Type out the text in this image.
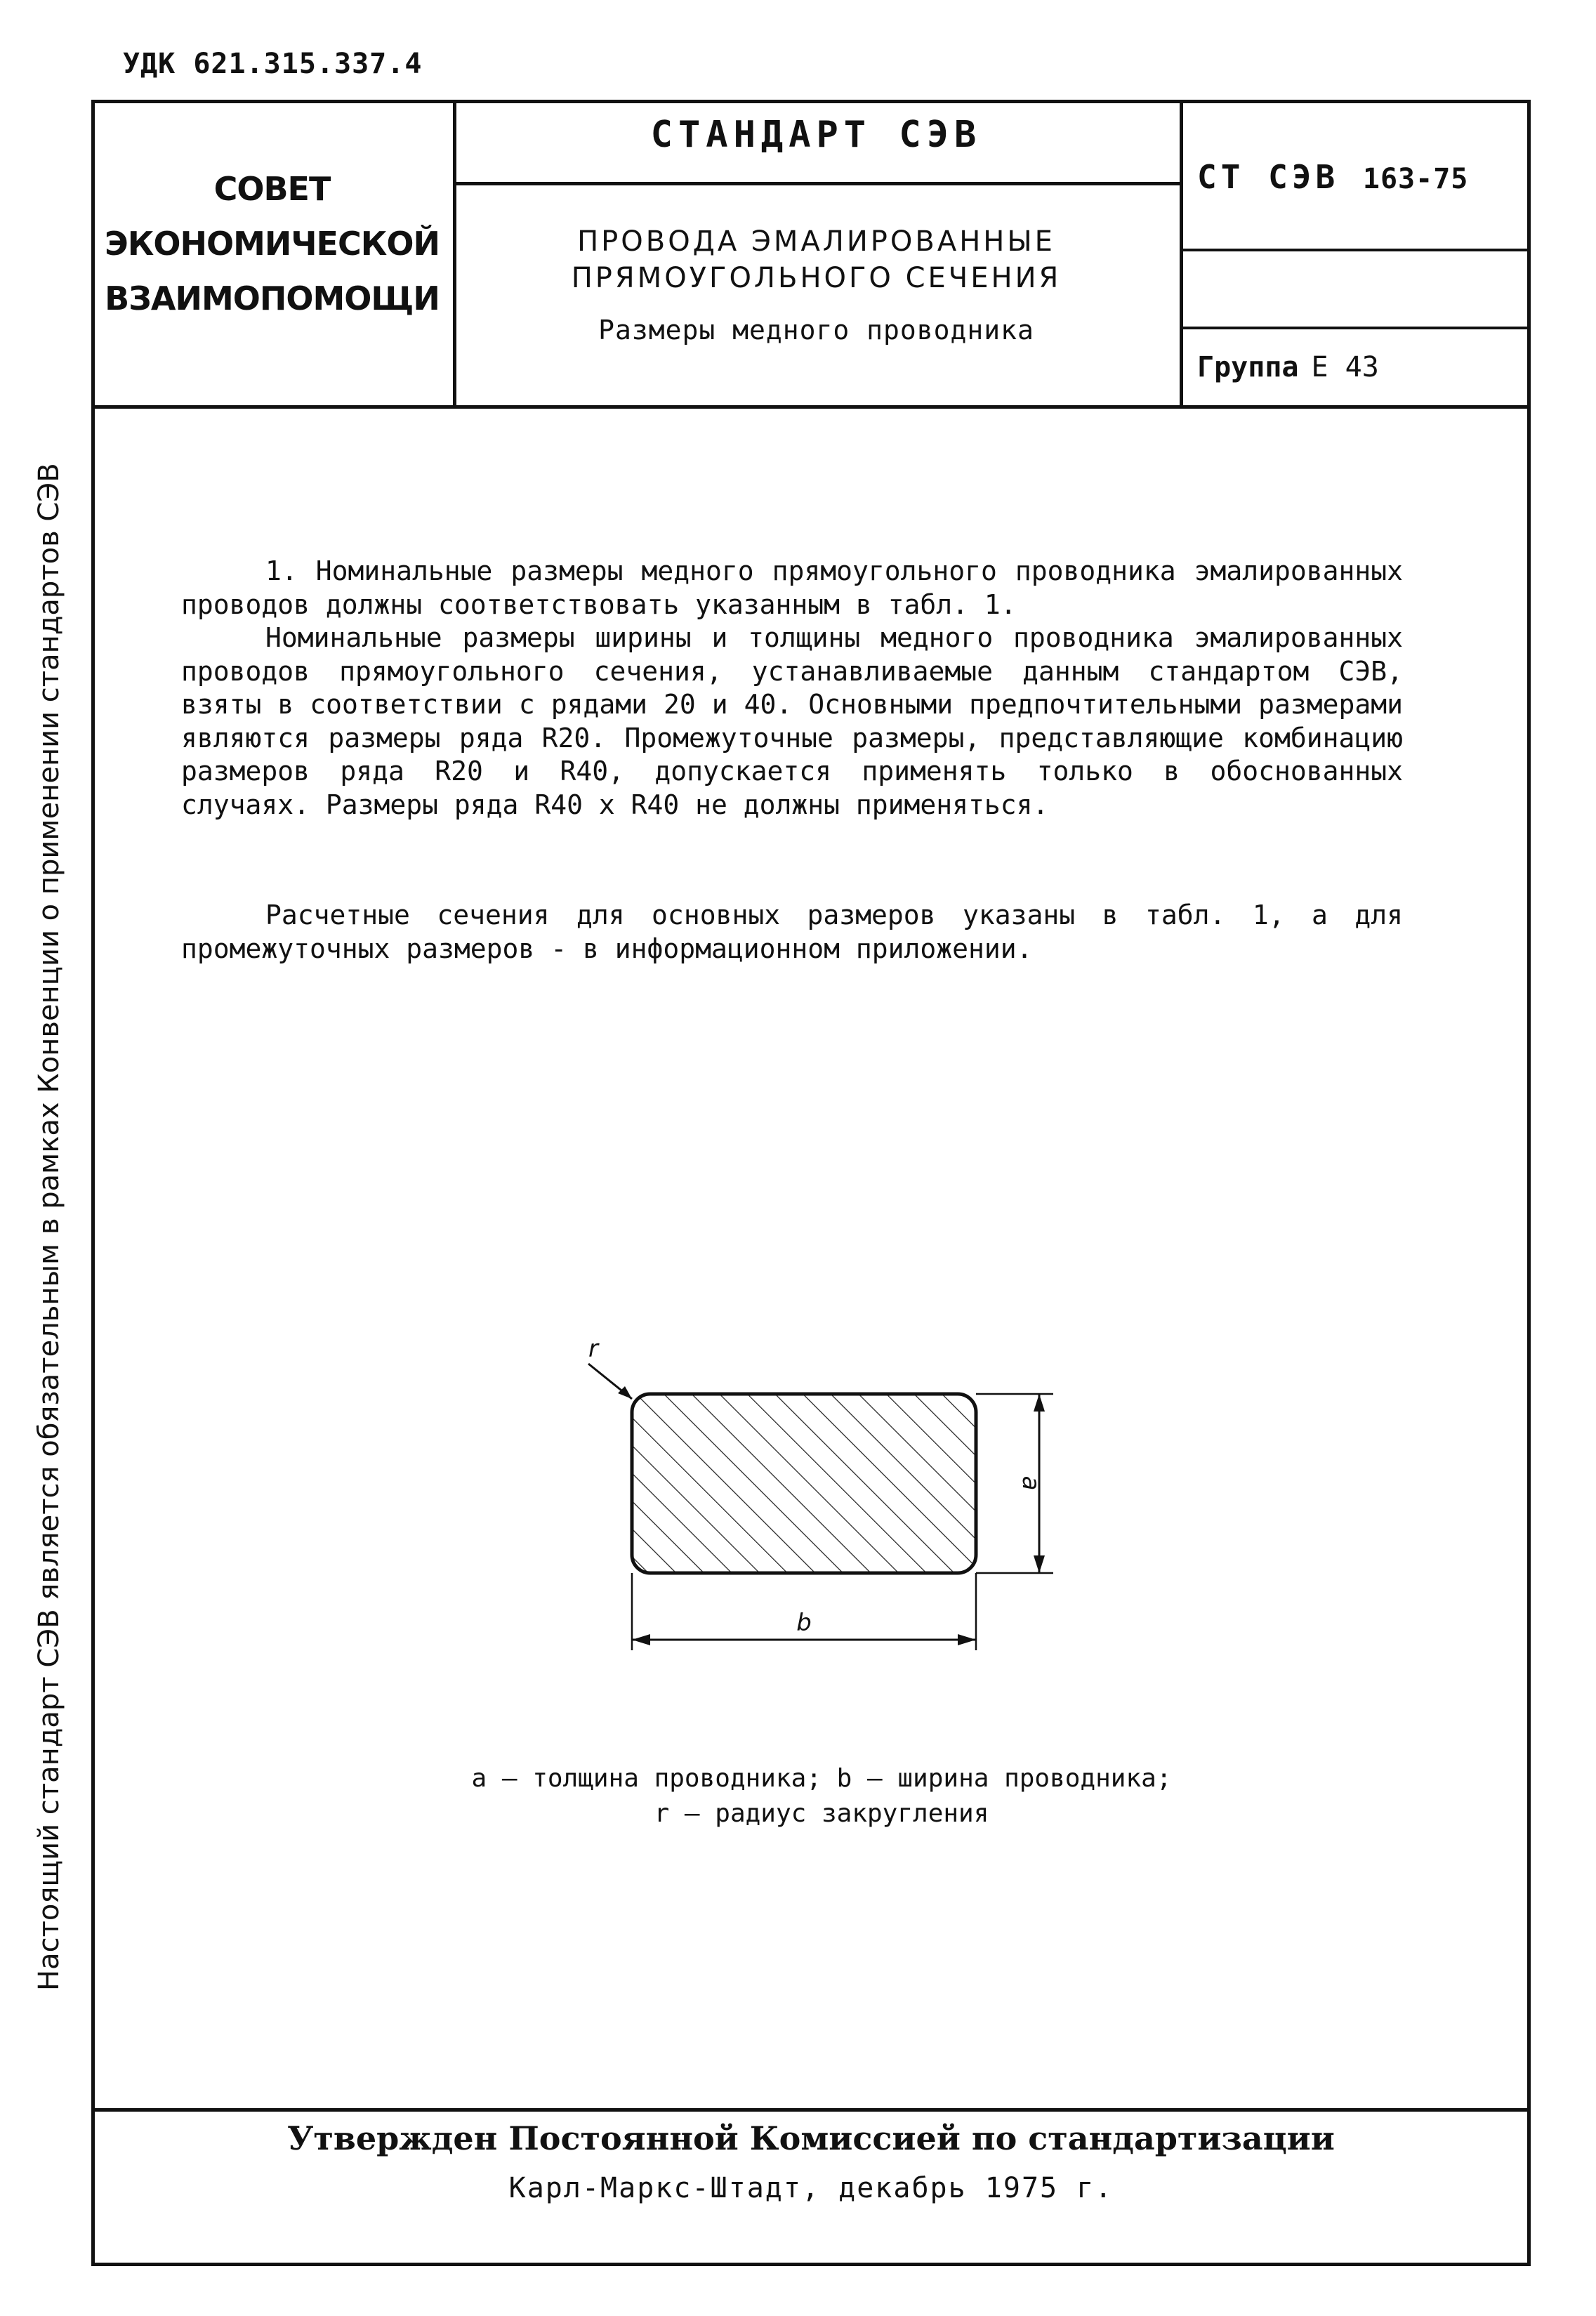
УДК 621.315.337.4
Настоящий стандарт СЭВ является обязательным в рамках Конвенции о применении стандартов СЭВ
СОВЕТ
ЭКОНОМИЧЕСКОЙ
ВЗАИМОПОМОЩИ
СТАНДАРТ СЭВ
ПРОВОДА ЭМАЛИРОВАННЫЕ
ПРЯМОУГОЛЬНОГО СЕЧЕНИЯ
Размеры медного проводника
СТ СЭВ 163-75
Группа Е 43

1. Номинальные размеры медного прямоугольного проводника эмалированных проводов должны соответствовать указанным в табл. 1.

Номинальные размеры ширины и толщины медного проводника эмалированных проводов прямоугольного сечения, устанавливаемые данным стандартом СЭВ, взяты в соответствии с рядами 20 и 40. Основными предпочтительными размерами являются размеры ряда R20. Промежуточные размеры, представляющие комбинацию размеров ряда R20 и R40, допускается применять только в обоснованных случаях. Размеры ряда R40 x R40 не должны применяться.

Расчетные сечения для основных размеров указаны в табл. 1, а для промежуточных размеров - в информационном приложении.

r
a
b
a – толщина проводника; b – ширина проводника;
r – радиус закругления
Утвержден Постоянной Комиссией по стандартизации
Карл-Маркс-Штадт, декабрь 1975 г.
